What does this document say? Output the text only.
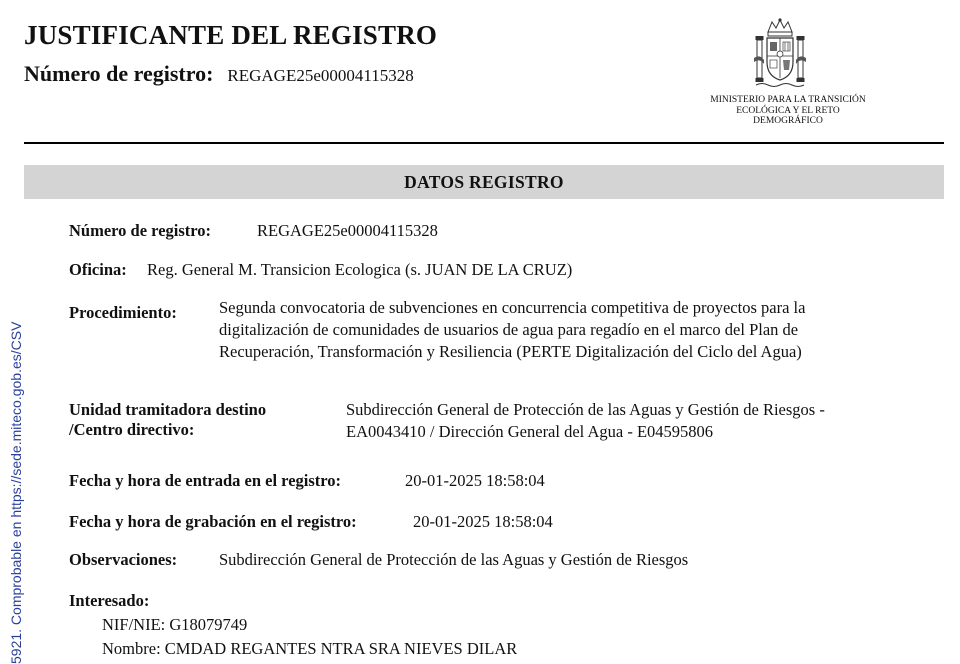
JUSTIFICANTE DEL REGISTRO
Número de registro: REGAGE25e00004115328
MINISTERIO PARA LA TRANSICIÓN
ECOLÓGICA Y EL RETO
DEMOGRÁFICO
DATOS REGISTRO
5921. Comprobable en https://sede.miteco.gob.es/CSV
Número de registro:	REGAGE25e00004115328
Oficina: Reg. General M. Transicion Ecologica (s. JUAN DE LA CRUZ)
Procedimiento:	Segunda convocatoria de subvenciones en concurrencia competitiva de proyectos para la
digitalización de comunidades de usuarios de agua para regadío en el marco del Plan de
Recuperación, Transformación y Resiliencia (PERTE Digitalización del Ciclo del Agua)
Unidad tramitadora destino
/Centro directivo:
Subdirección General de Protección de las Aguas y Gestión de Riesgos -
EA0043410 / Dirección General del Agua - E04595806
Fecha y hora de entrada en el registro:	20-01-2025 18:58:04
Fecha y hora de grabación en el registro:	20-01-2025 18:58:04
Observaciones:	Subdirección General de Protección de las Aguas y Gestión de Riesgos
Interesado:
NIF/NIE: G18079749
Nombre: CMDAD REGANTES NTRA SRA NIEVES DILAR
